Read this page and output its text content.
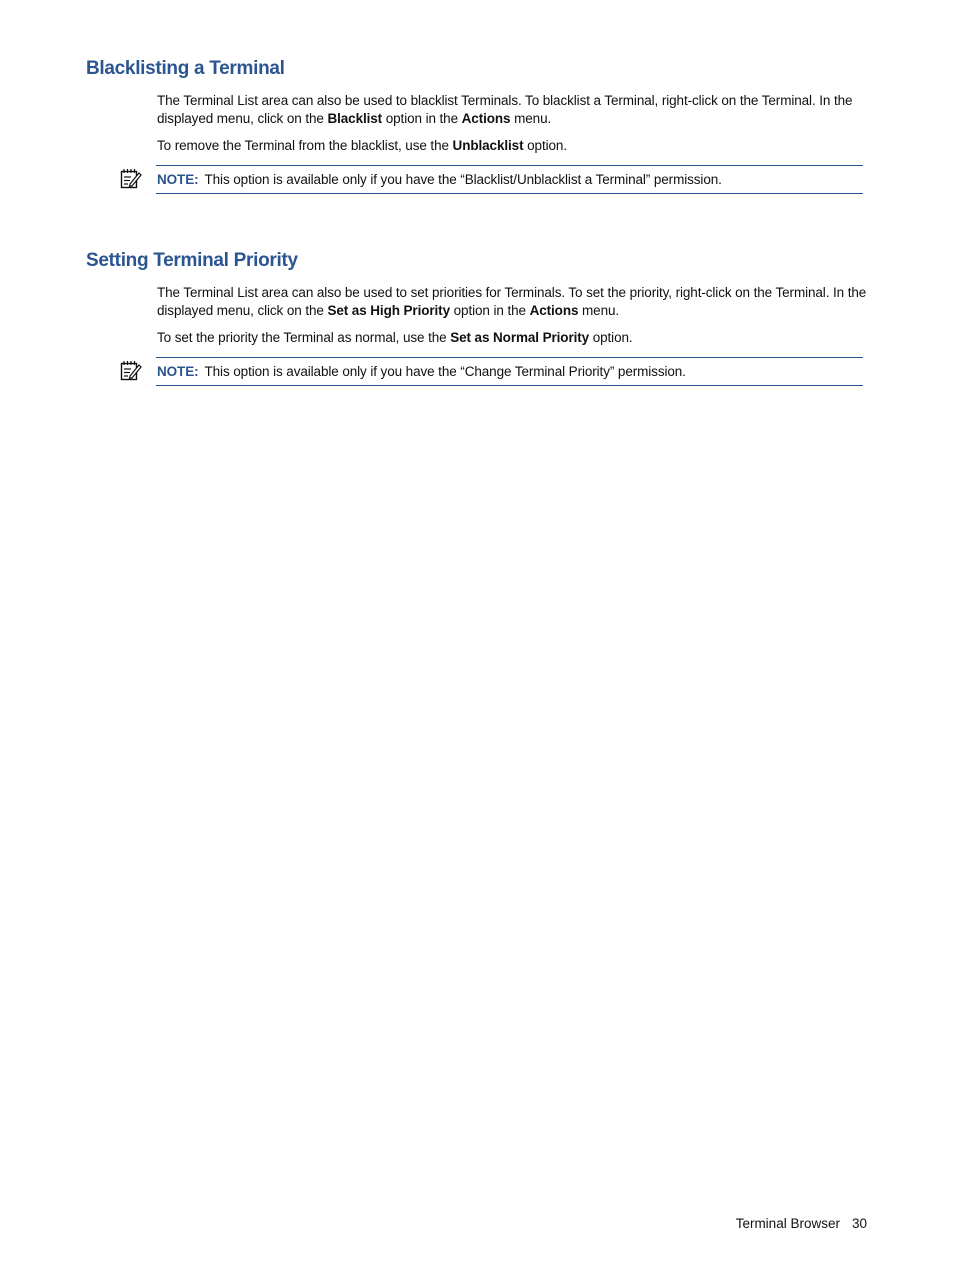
Blacklisting a Terminal

The Terminal List area can also be used to blacklist Terminals. To blacklist a Terminal, right-click on the Terminal. In the displayed menu, click on the Blacklist option in the Actions menu.

To remove the Terminal from the blacklist, use the Unblacklist option.

NOTE: This option is available only if you have the “Blacklist/Unblacklist a Terminal” permission.

Setting Terminal Priority

The Terminal List area can also be used to set priorities for Terminals. To set the priority, right-click on the Terminal. In the displayed menu, click on the Set as High Priority option in the Actions menu.

To set the priority the Terminal as normal, use the Set as Normal Priority option.

NOTE: This option is available only if you have the “Change Terminal Priority” permission.

Terminal Browser 30
